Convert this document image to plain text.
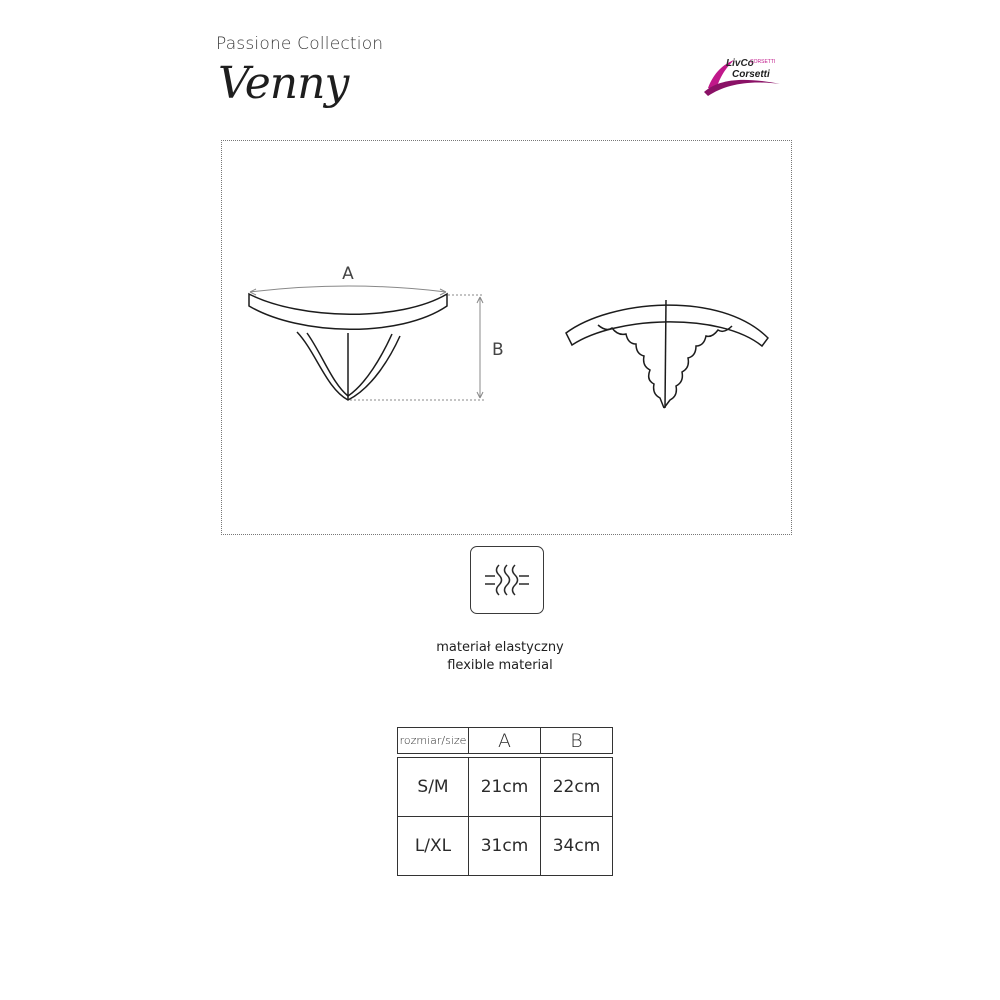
Passione Collection
Venny	LivCo
CORSETTI
Corsetti
A
B
materiał elastyczny
flexible material
rozmiar/size	A	B

S/M	21cm	22cm
L/XL	31cm	34cm
